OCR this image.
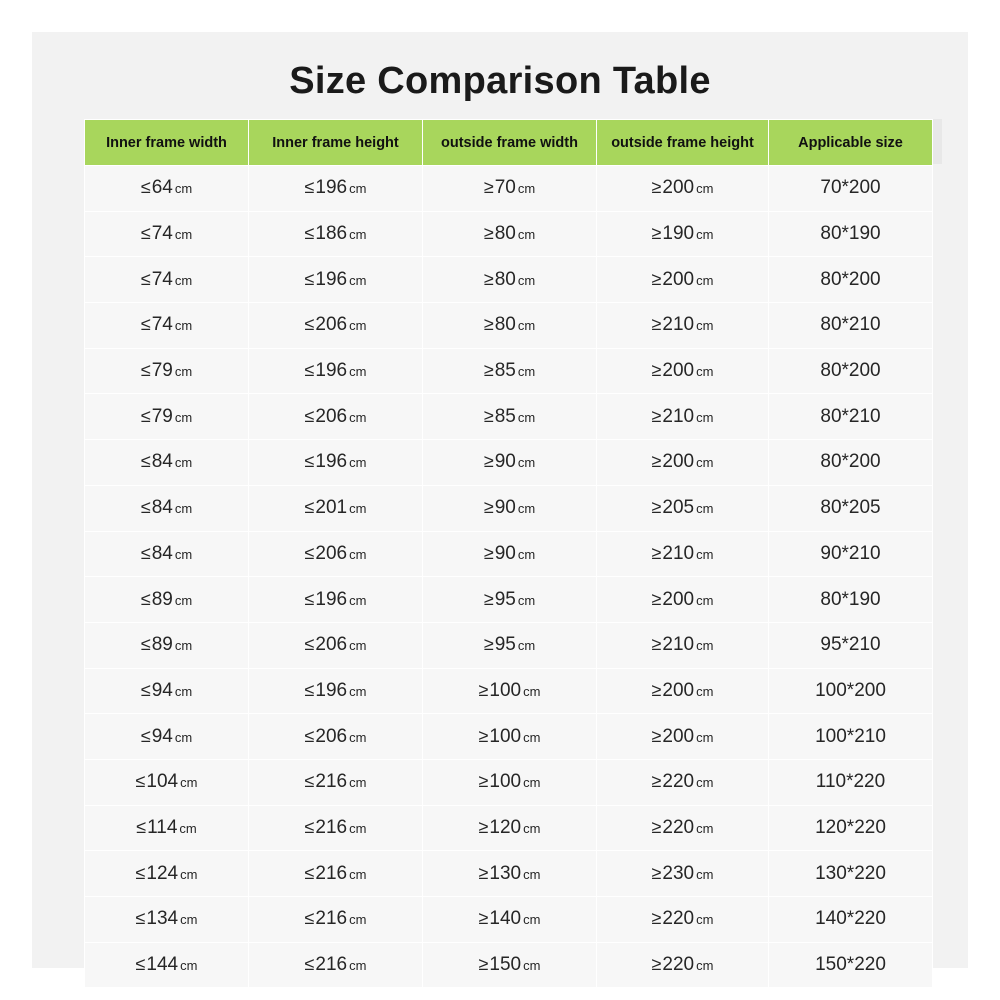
Size Comparison Table
Inner frame width	Inner frame height	outside frame width	outside frame height	Applicable size
≤64 cm	≤196 cm	≥70 cm	≥200 cm	70*200
≤74 cm	≤186 cm	≥80 cm	≥190 cm	80*190
≤74 cm	≤196 cm	≥80 cm	≥200 cm	80*200
≤74 cm	≤206 cm	≥80 cm	≥210 cm	80*210
≤79 cm	≤196 cm	≥85 cm	≥200 cm	80*200
≤79 cm	≤206 cm	≥85 cm	≥210 cm	80*210
≤84 cm	≤196 cm	≥90 cm	≥200 cm	80*200
≤84 cm	≤201 cm	≥90 cm	≥205 cm	80*205
≤84 cm	≤206 cm	≥90 cm	≥210 cm	90*210
≤89 cm	≤196 cm	≥95 cm	≥200 cm	80*190
≤89 cm	≤206 cm	≥95 cm	≥210 cm	95*210
≤94 cm	≤196 cm	≥100 cm	≥200 cm	100*200
≤94 cm	≤206 cm	≥100 cm	≥200 cm	100*210
≤104 cm	≤216 cm	≥100 cm	≥220 cm	110*220
≤114 cm	≤216 cm	≥120 cm	≥220 cm	120*220
≤124 cm	≤216 cm	≥130 cm	≥230 cm	130*220
≤134 cm	≤216 cm	≥140 cm	≥220 cm	140*220
≤144 cm	≤216 cm	≥150 cm	≥220 cm	150*220
